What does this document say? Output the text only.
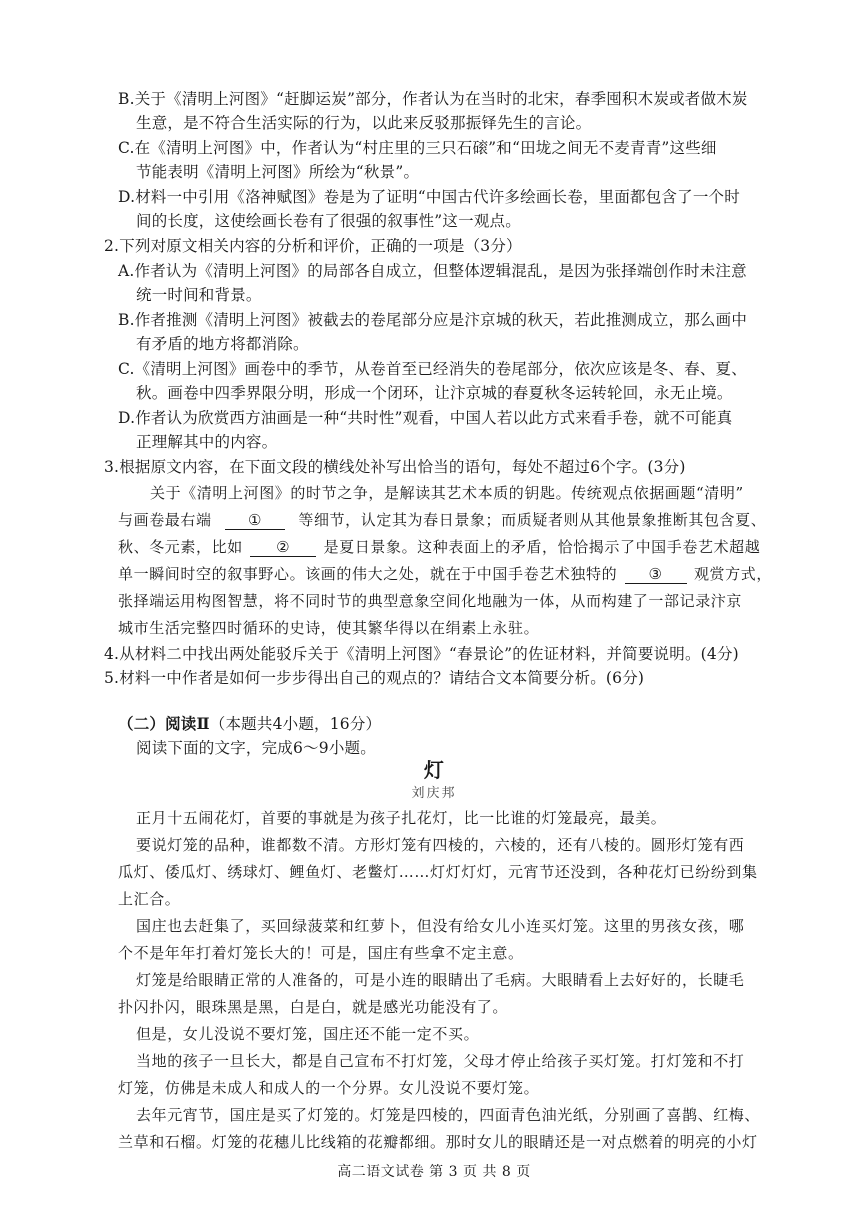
B.关于《清明上河图》“赶脚运炭”部分，作者认为在当时的北宋，春季囤积木炭或者做木炭
生意，是不符合生活实际的行为，以此来反驳那振铎先生的言论。
C.在《清明上河图》中，作者认为“村庄里的三只石磙”和“田垅之间无不麦青青”这些细
节能表明《清明上河图》所绘为“秋景”。
D.材料一中引用《洛神赋图》卷是为了证明“中国古代许多绘画长卷，里面都包含了一个时
间的长度，这使绘画长卷有了很强的叙事性”这一观点。
2.下列对原文相关内容的分析和评价，正确的一项是（3分）
A.作者认为《清明上河图》的局部各自成立，但整体逻辑混乱，是因为张择端创作时未注意
统一时间和背景。
B.作者推测《清明上河图》被截去的卷尾部分应是汴京城的秋天，若此推测成立，那么画中
有矛盾的地方将都消除。
C.《清明上河图》画卷中的季节，从卷首至已经消失的卷尾部分，依次应该是冬、春、夏、
秋。画卷中四季界限分明，形成一个闭环，让汴京城的春夏秋冬运转轮回，永无止境。
D.作者认为欣赏西方油画是一种“共时性”观看，中国人若以此方式来看手卷，就不可能真
正理解其中的内容。
3.根据原文内容，在下面文段的横线处补写出恰当的语句，每处不超过6个字。(3分)
关于《清明上河图》的时节之争，是解读其艺术本质的钥匙。传统观点依据画题“清明”
与画卷最右端 ① 等细节，认定其为春日景象；而质疑者则从其他景象推断其包含夏、
秋、冬元素，比如 ② 是夏日景象。这种表面上的矛盾，恰恰揭示了中国手卷艺术超越
单一瞬间时空的叙事野心。该画的伟大之处，就在于中国手卷艺术独特的 ③ 观赏方式，
张择端运用构图智慧，将不同时节的典型意象空间化地融为一体，从而构建了一部记录汴京
城市生活完整四时循环的史诗，使其繁华得以在绢素上永驻。
4.从材料二中找出两处能驳斥关于《清明上河图》“春景论”的佐证材料，并简要说明。(4分)
5.材料一中作者是如何一步步得出自己的观点的？请结合文本简要分析。(6分)
（二）阅读Ⅱ（本题共4小题，16分）
阅读下面的文字，完成6～9小题。
灯
刘庆邦
正月十五闹花灯，首要的事就是为孩子扎花灯，比一比谁的灯笼最亮，最美。
要说灯笼的品种，谁都数不清。方形灯笼有四棱的，六棱的，还有八棱的。圆形灯笼有西
瓜灯、倭瓜灯、绣球灯、鲤鱼灯、老鳖灯……灯灯灯灯，元宵节还没到，各种花灯已纷纷到集
上汇合。
国庄也去赶集了，买回绿菠菜和红萝卜，但没有给女儿小连买灯笼。这里的男孩女孩，哪
个不是年年打着灯笼长大的！可是，国庄有些拿不定主意。
灯笼是给眼睛正常的人准备的，可是小连的眼睛出了毛病。大眼睛看上去好好的，长睫毛
扑闪扑闪，眼珠黑是黑，白是白，就是感光功能没有了。
但是，女儿没说不要灯笼，国庄还不能一定不买。
当地的孩子一旦长大，都是自己宣布不打灯笼，父母才停止给孩子买灯笼。打灯笼和不打
灯笼，仿佛是未成人和成人的一个分界。女儿没说不要灯笼。
去年元宵节，国庄是买了灯笼的。灯笼是四棱的，四面青色油光纸，分别画了喜鹊、红梅、
兰草和石榴。灯笼的花穗儿比线箱的花瓣都细。那时女儿的眼睛还是一对点燃着的明亮的小灯
高二语文试卷 第 3 页 共 8 页
